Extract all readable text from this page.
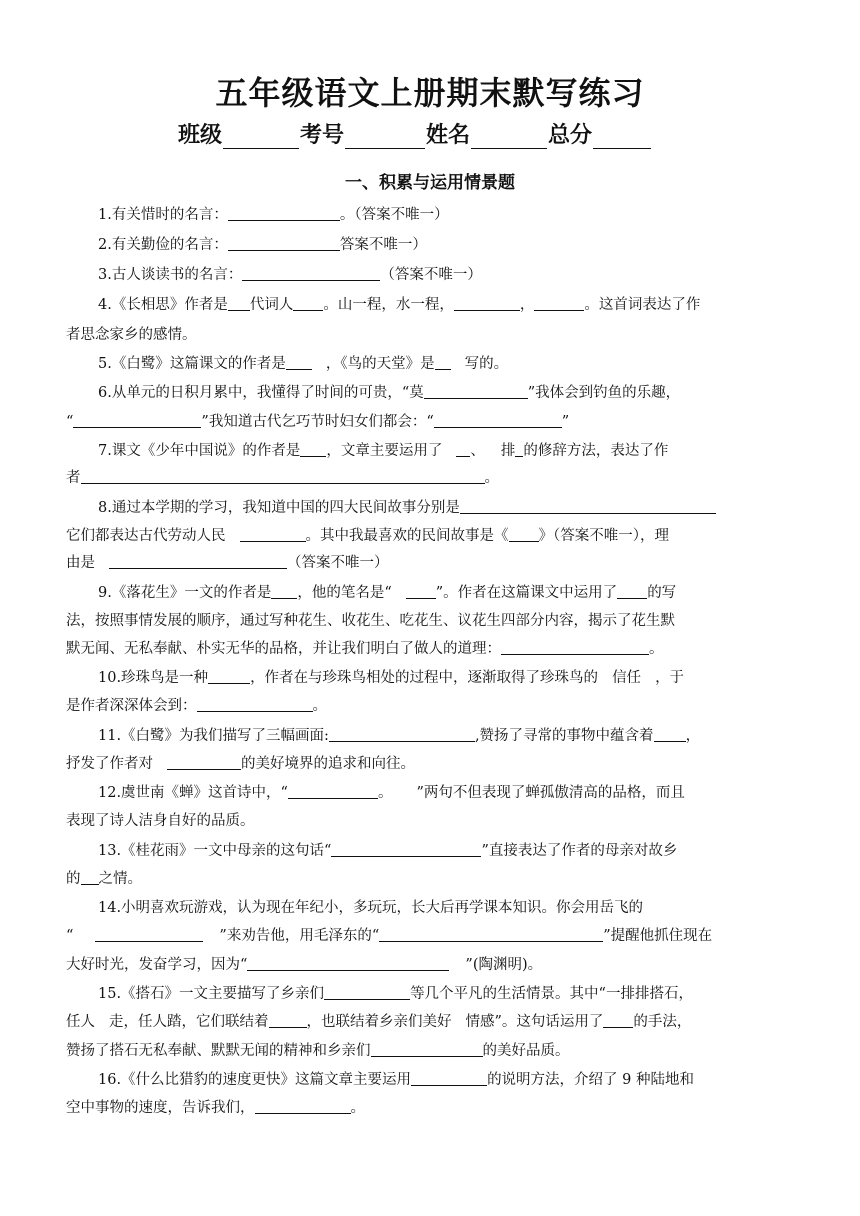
五年级语文上册期末默写练习
班级	考号	姓名	总分
一、积累与运用情景题
1.有关惜时的名言：	。（答案不唯一）
2.有关勤俭的名言：	答案不唯一）
3.古人谈读书的名言：	（答案不唯一）
4.《长相思》作者是 代词人 。山一程，水一程，	，	。这首词表达了作
者思念家乡的感情。
5.《白鹭》这篇课文的作者是	，《鸟的天堂》是 写的。
6.从单元的日积月累中，我懂得了时间的可贵，“莫	”我体会到钓鱼的乐趣，
“	”我知道古代乞巧节时妇女们都会：“	”
7.课文《少年中国说》的作者是 ，文章主要运用了 、 排 的修辞方法，表达了作
者	。
8.通过本学期的学习，我知道中国的四大民间故事分别是
它们都表达古代劳动人民	。其中我最喜欢的民间故事是《 》（答案不唯一），理
由是	（答案不唯一）
9.《落花生》一文的作者是 ，他的笔名是“	”。作者在这篇课文中运用了 的写
法，按照事情发展的顺序，通过写种花生、收花生、吃花生、议花生四部分内容，揭示了花生默
默无闻、无私奉献、朴实无华的品格，并让我们明白了做人的道理：	。
10.珍珠鸟是一种	，作者在与珍珠鸟相处的过程中，逐渐取得了珍珠鸟的 信任 ，于
是作者深深体会到：	。
11.《白鹭》为我们描写了三幅画面:	,赞扬了寻常的事物中蕴含着 ，
抒发了作者对	的美好境界的追求和向往。
12.虞世南《蝉》这首诗中，“	。 ”两句不但表现了蝉孤傲清高的品格，而且
表现了诗人洁身自好的品质。
13.《桂花雨》一文中母亲的这句话“	”直接表达了作者的母亲对故乡
的 之情。
14.小明喜欢玩游戏，认为现在年纪小，多玩玩，长大后再学课本知识。你会用岳飞的
“	”来劝告他，用毛泽东的“	”提醒他抓住现在
大好时光，发奋学习，因为“	”(陶渊明)。
15.《搭石》一文主要描写了乡亲们	等几个平凡的生活情景。其中“一排排搭石，
任人 走，任人踏，它们联结着	，也联结着乡亲们美好 情感”。这句话运用了 的手法，
赞扬了搭石无私奉献、默默无闻的精神和乡亲们	的美好品质。
16.《什么比猎豹的速度更快》这篇文章主要运用	的说明方法，介绍了 9 种陆地和
空中事物的速度，告诉我们，	。
